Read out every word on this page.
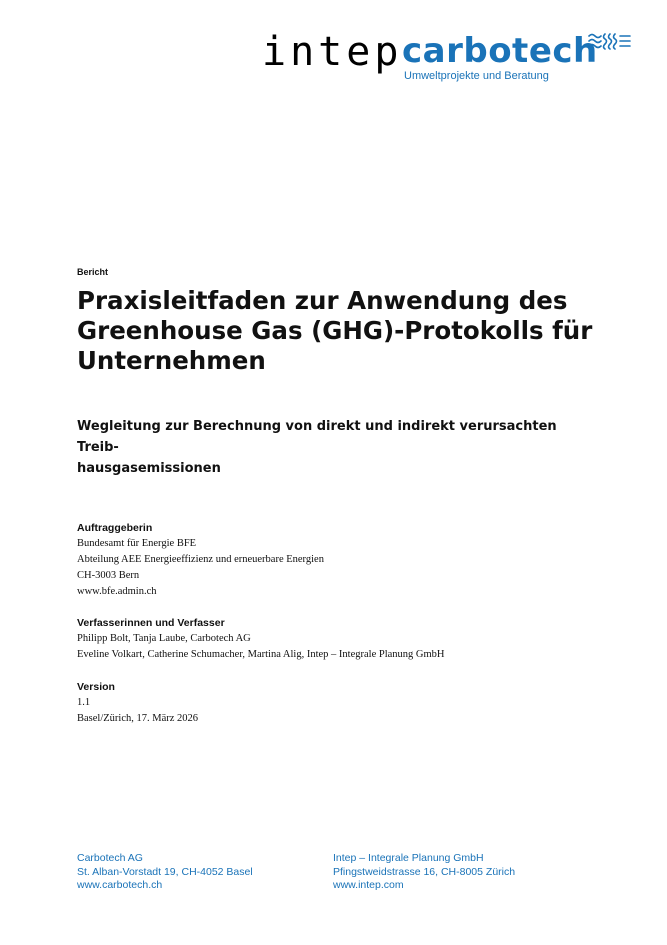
intep carbotech
Umweltprojekte und Beratung
Bericht
Praxisleitfaden zur Anwendung des
Greenhouse Gas (GHG)-Protokolls für
Unternehmen
Wegleitung zur Berechnung von direkt und indirekt verursachten Treib-
hausgasemissionen
Auftraggeberin
Bundesamt für Energie BFE
Abteilung AEE Energieeffizienz und erneuerbare Energien
CH-3003 Bern
www.bfe.admin.ch
Verfasserinnen und Verfasser
Philipp Bolt, Tanja Laube, Carbotech AG
Eveline Volkart, Catherine Schumacher, Martina Alig, Intep – Integrale Planung GmbH
Version
1.1
Basel/Zürich, 17. März 2026
Carbotech AG
St. Alban-Vorstadt 19, CH-4052 Basel
www.carbotech.ch
Intep – Integrale Planung GmbH
Pfingstweidstrasse 16, CH-8005 Zürich
www.intep.com
